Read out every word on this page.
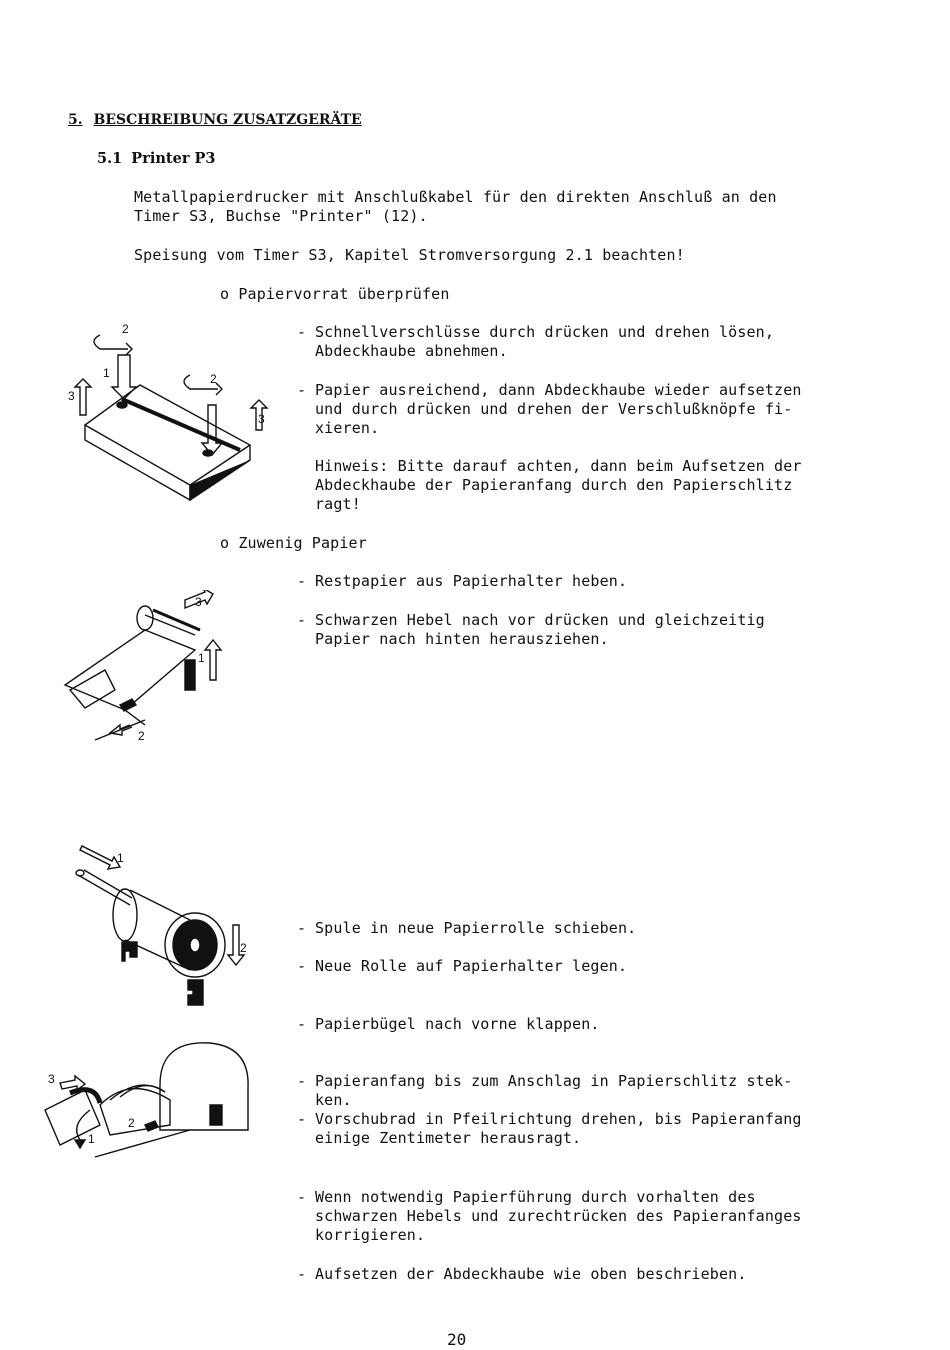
5. BESCHREIBUNG ZUSATZGERÄTE
5.1 Printer P3
Metallpapierdrucker mit Anschlußkabel für den direkten Anschluß an den
Timer S3, Buchse "Printer" (12).
Speisung vom Timer S3, Kapitel Stromversorgung 2.1 beachten!
o Papiervorrat überprüfen
- Schnellverschlüsse durch drücken und drehen lösen,
Abdeckhaube abnehmen.
- Papier ausreichend, dann Abdeckhaube wieder aufsetzen
und durch drücken und drehen der Verschlußknöpfe fi-
xieren.
Hinweis: Bitte darauf achten, dann beim Aufsetzen der
Abdeckhaube der Papieranfang durch den Papierschlitz
ragt!
o Zuwenig Papier
- Restpapier aus Papierhalter heben.
- Schwarzen Hebel nach vor drücken und gleichzeitig
Papier nach hinten herausziehen.
- Spule in neue Papierrolle schieben.
- Neue Rolle auf Papierhalter legen.
- Papierbügel nach vorne klappen.
- Papieranfang bis zum Anschlag in Papierschlitz stek-
ken.
- Vorschubrad in Pfeilrichtung drehen, bis Papieranfang
einige Zentimeter herausragt.
- Wenn notwendig Papierführung durch vorhalten des
schwarzen Hebels und zurechtrücken des Papieranfanges
korrigieren.
- Aufsetzen der Abdeckhaube wie oben beschrieben.
2
1	2
3
3
3
1
2
1
2
3
2
1
20
